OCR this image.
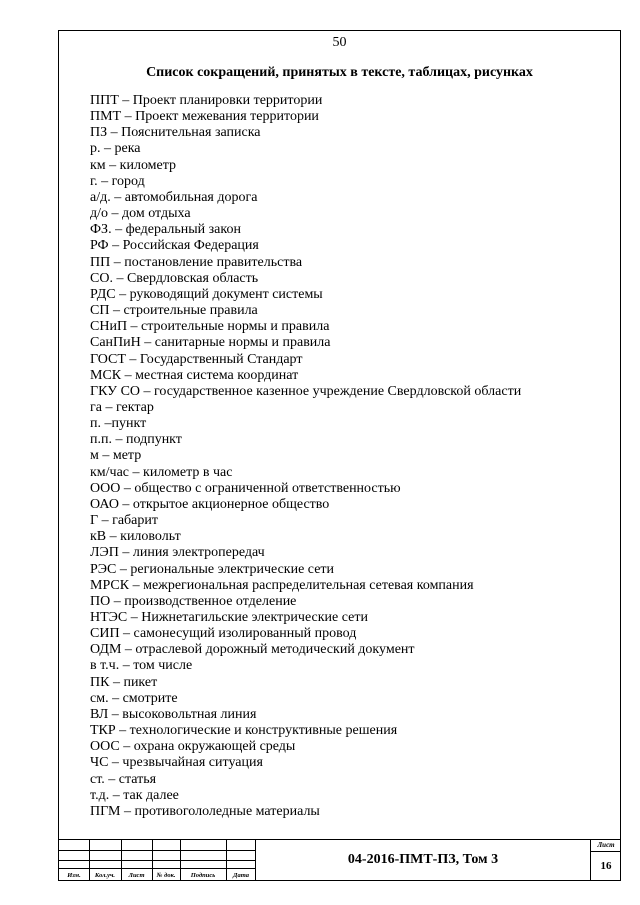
50
Список сокращений, принятых в тексте, таблицах, рисунках
ППТ – Проект планировки территории
ПМТ – Проект межевания территории
ПЗ – Пояснительная записка
р. – река
км – километр
г. – город
а/д. – автомобильная дорога
д/о – дом отдыха
ФЗ. – федеральный закон
РФ – Российская Федерация
ПП – постановление правительства
СО. – Свердловская область
РДС – руководящий документ системы
СП – строительные правила
СНиП – строительные нормы и правила
СанПиН – санитарные нормы и правила
ГОСТ – Государственный Стандарт
МСК – местная система координат
ГКУ СО – государственное казенное учреждение Свердловской области
га – гектар
п. –пункт
п.п. – подпункт
м – метр
км/час – километр в час
ООО – общество с ограниченной ответственностью
ОАО – открытое акционерное общество
Г – габарит
кВ – киловольт
ЛЭП – линия электропередач
РЭС – региональные электрические сети
МРСК – межрегиональная распределительная сетевая компания
ПО – производственное отделение
НТЭС – Нижнетагильские электрические сети
СИП – самонесущий изолированный провод
ОДМ – отраслевой дорожный методический документ
в т.ч. – том числе
ПК – пикет
см. – смотрите
ВЛ – высоковольтная линия
ТКР – технологические и конструктивные решения
ООС – охрана окружающей среды
ЧС – чрезвычайная ситуация
ст. – статья
т.д. – так далее
ПГМ – противогололедные материалы
Изм.	Кол.уч.	Лист	№ док.	Подпись	Дата
04-2016-ПМТ-ПЗ, Том 3
Лист
16
